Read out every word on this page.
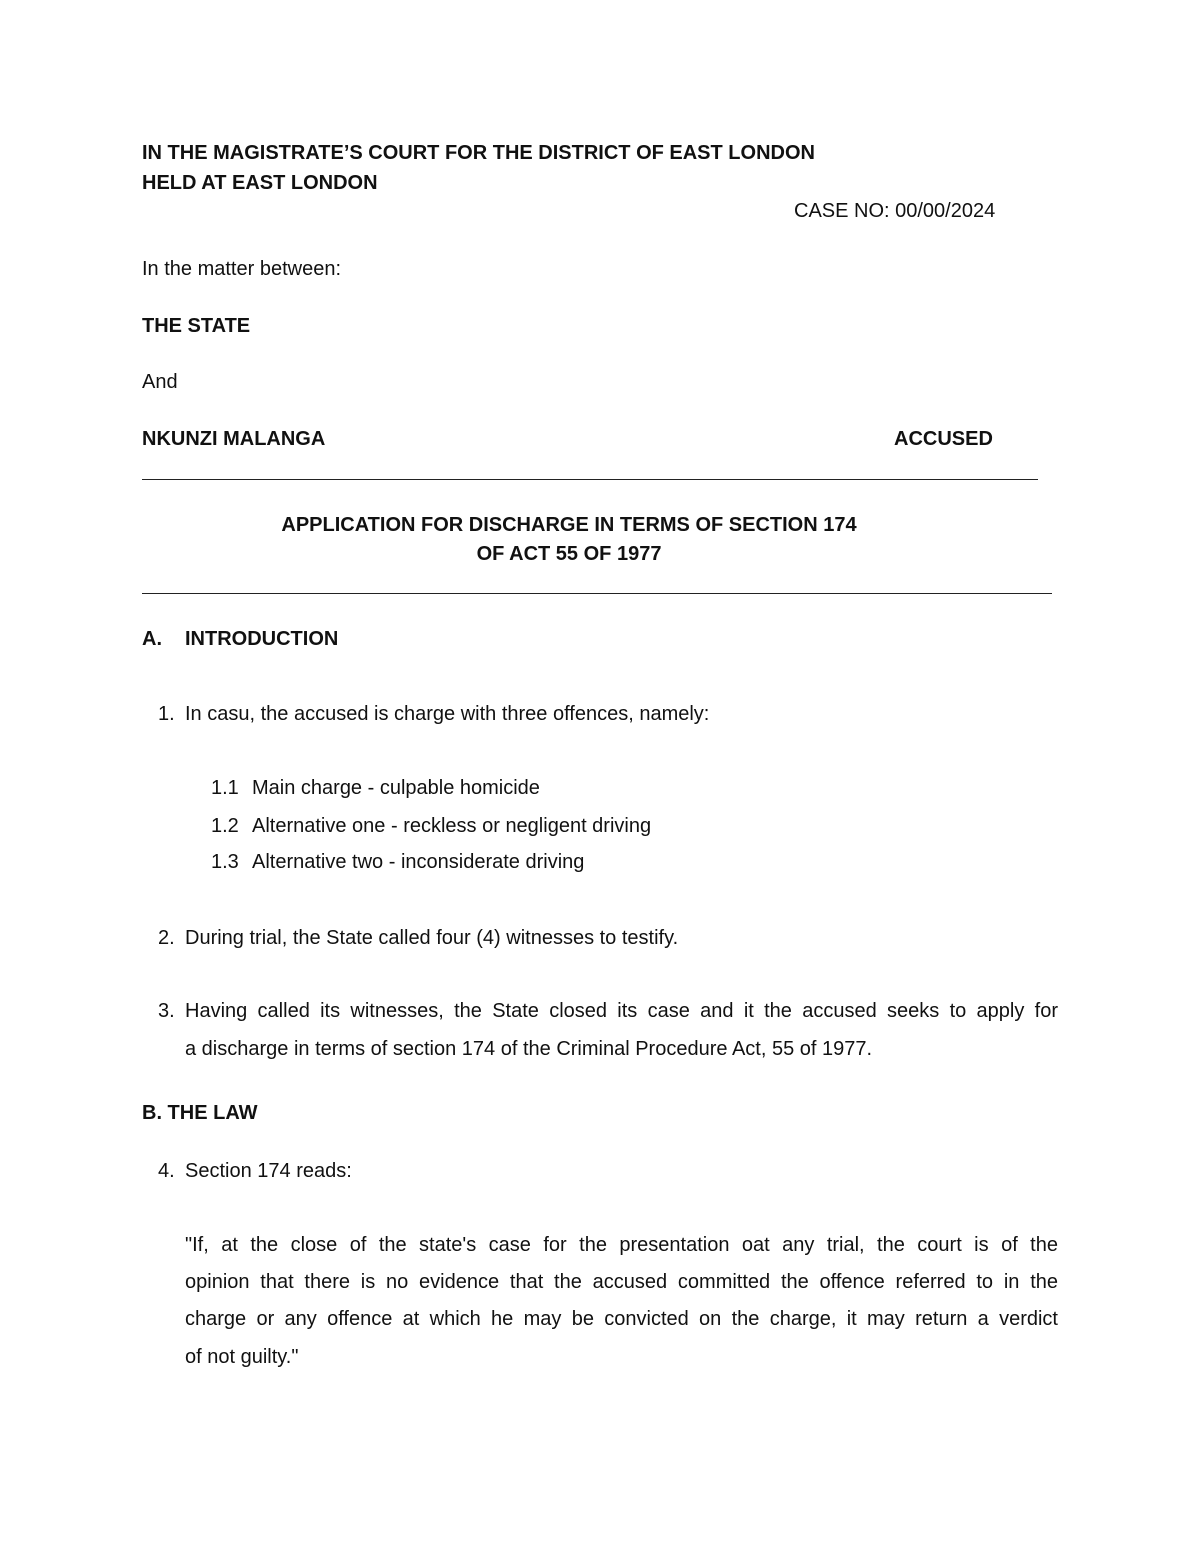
IN THE MAGISTRATE’S COURT FOR THE DISTRICT OF EAST LONDON
HELD AT EAST LONDON
CASE NO: 00/00/2024
In the matter between:
THE STATE
And
NKUNZI MALANGA	ACCUSED
APPLICATION FOR DISCHARGE IN TERMS OF SECTION 174
OF ACT 55 OF 1977
A. INTRODUCTION
1. In casu, the accused is charge with three offences, namely:
1.1 Main charge - culpable homicide
1.2 Alternative one - reckless or negligent driving
1.3 Alternative two - inconsiderate driving
2. During trial, the State called four (4) witnesses to testify.
3. Having called its witnesses, the State closed its case and it the accused seeks to apply for
a discharge in terms of section 174 of the Criminal Procedure Act, 55 of 1977.
B. THE LAW
4. Section 174 reads:
"If, at the close of the state's case for the presentation oat any trial, the court is of the
opinion that there is no evidence that the accused committed the offence referred to in the
charge or any offence at which he may be convicted on the charge, it may return a verdict
of not guilty."
